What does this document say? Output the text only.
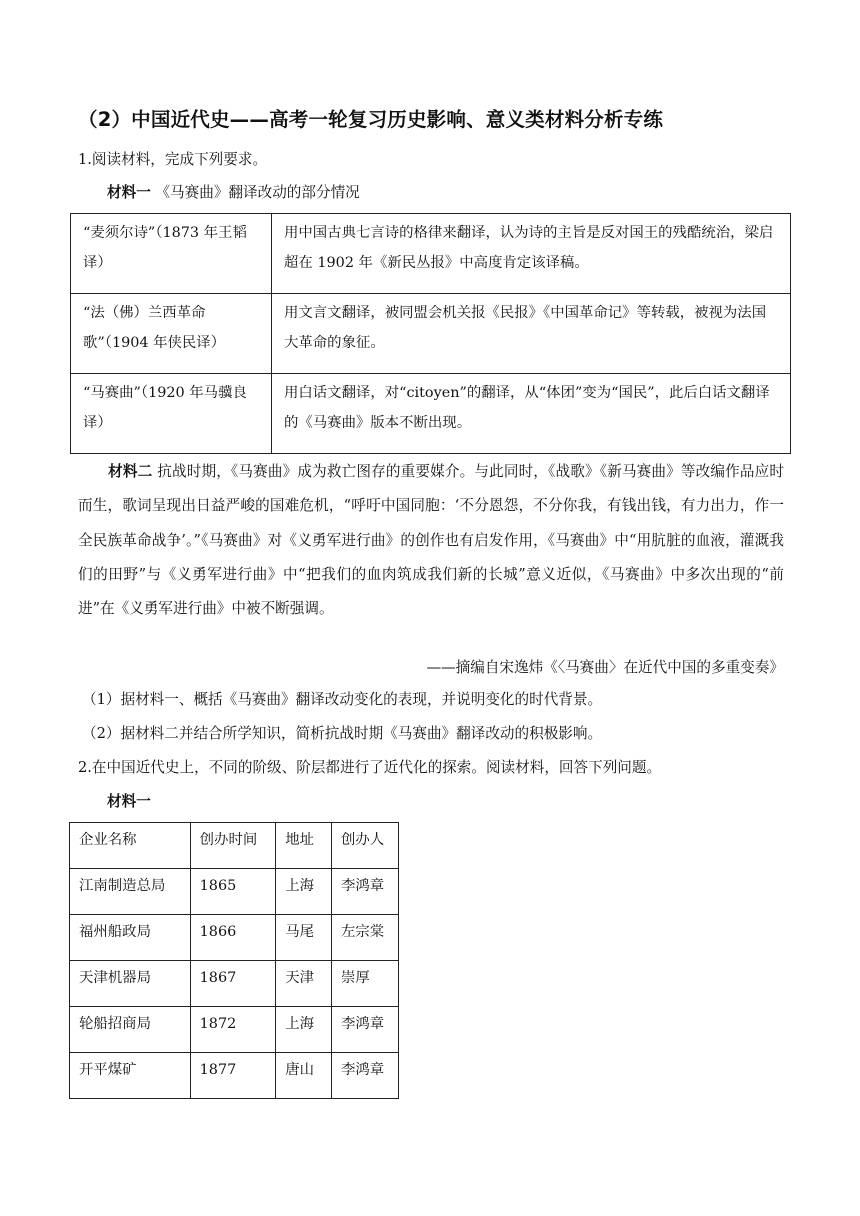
（2）中国近代史——高考一轮复习历史影响、意义类材料分析专练
1.阅读材料，完成下列要求。
材料一 《马赛曲》翻译改动的部分情况
“麦须尔诗”（1873 年王韬译）	用中国古典七言诗的格律来翻译，认为诗的主旨是反对国王的残酷统治，梁启超在 1902 年《新民丛报》中高度肯定该译稿。
“法（佛）兰西革命歌”（1904 年侠民译）	用文言文翻译，被同盟会机关报《民报》《中国革命记》等转载，被视为法国大革命的象征。
“马赛曲”（1920 年马骥良译）	用白话文翻译，对“citoyen”的翻译，从“体团”变为“国民”，此后白话文翻译的《马赛曲》版本不断出现。
材料二 抗战时期，《马赛曲》成为救亡图存的重要媒介。与此同时，《战歌》《新马赛曲》等改编作品应时而生，歌词呈现出日益严峻的国难危机，“呼吁中国同胞：‘不分恩怨，不分你我，有钱出钱，有力出力，作一全民族革命战争’。”《马赛曲》对《义勇军进行曲》的创作也有启发作用，《马赛曲》中“用肮脏的血液，灌溉我们的田野”与《义勇军进行曲》中“把我们的血肉筑成我们新的长城”意义近似，《马赛曲》中多次出现的“前进”在《义勇军进行曲》中被不断强调。
——摘编自宋逸炜《〈马赛曲〉在近代中国的多重变奏》
（1）据材料一、概括《马赛曲》翻译改动变化的表现，并说明变化的时代背景。
（2）据材料二并结合所学知识，简析抗战时期《马赛曲》翻译改动的积极影响。
2.在中国近代史上，不同的阶级、阶层都进行了近代化的探索。阅读材料，回答下列问题。
材料一
企业名称	创办时间	地址	创办人
江南制造总局	1865	上海	李鸿章
福州船政局	1866	马尾	左宗棠
天津机器局	1867	天津	崇厚
轮船招商局	1872	上海	李鸿章
开平煤矿	1877	唐山	李鸿章
